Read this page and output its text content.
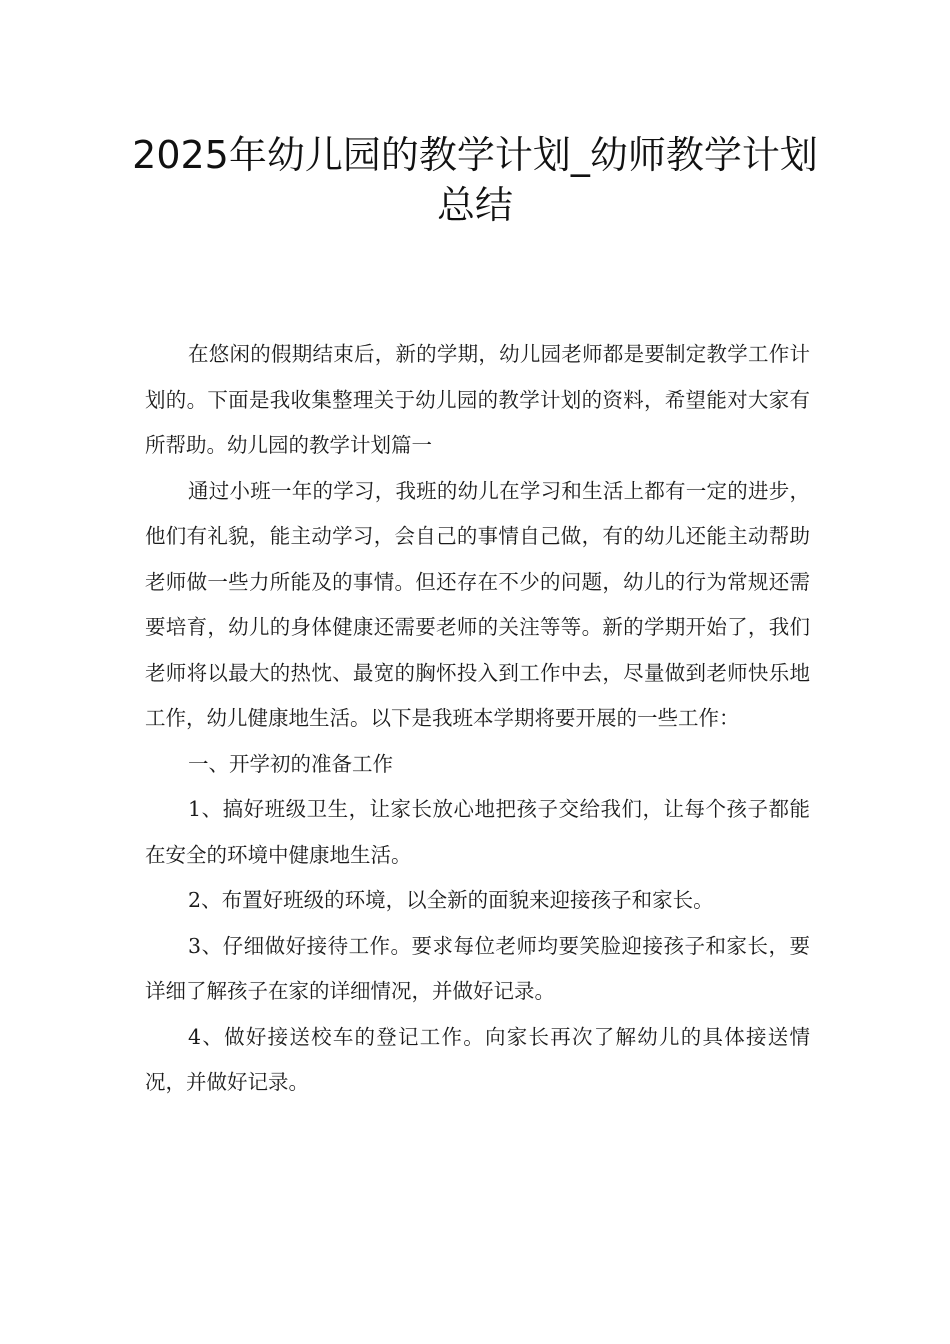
2025年幼儿园的教学计划_幼师教学计划总结

在悠闲的假期结束后，新的学期，幼儿园老师都是要制定教学工作计划的。下面是我收集整理关于幼儿园的教学计划的资料，希望能对大家有所帮助。幼儿园的教学计划篇一

通过小班一年的学习，我班的幼儿在学习和生活上都有一定的进步，他们有礼貌，能主动学习，会自己的事情自己做，有的幼儿还能主动帮助老师做一些力所能及的事情。但还存在不少的问题，幼儿的行为常规还需要培育，幼儿的身体健康还需要老师的关注等等。新的学期开始了，我们老师将以最大的热忱、最宽的胸怀投入到工作中去，尽量做到老师快乐地工作，幼儿健康地生活。以下是我班本学期将要开展的一些工作：

一、开学初的准备工作

1、搞好班级卫生，让家长放心地把孩子交给我们，让每个孩子都能在安全的环境中健康地生活。

2、布置好班级的环境，以全新的面貌来迎接孩子和家长。

3、仔细做好接待工作。要求每位老师均要笑脸迎接孩子和家长，要详细了解孩子在家的详细情况，并做好记录。

4、做好接送校车的登记工作。向家长再次了解幼儿的具体接送情况，并做好记录。
